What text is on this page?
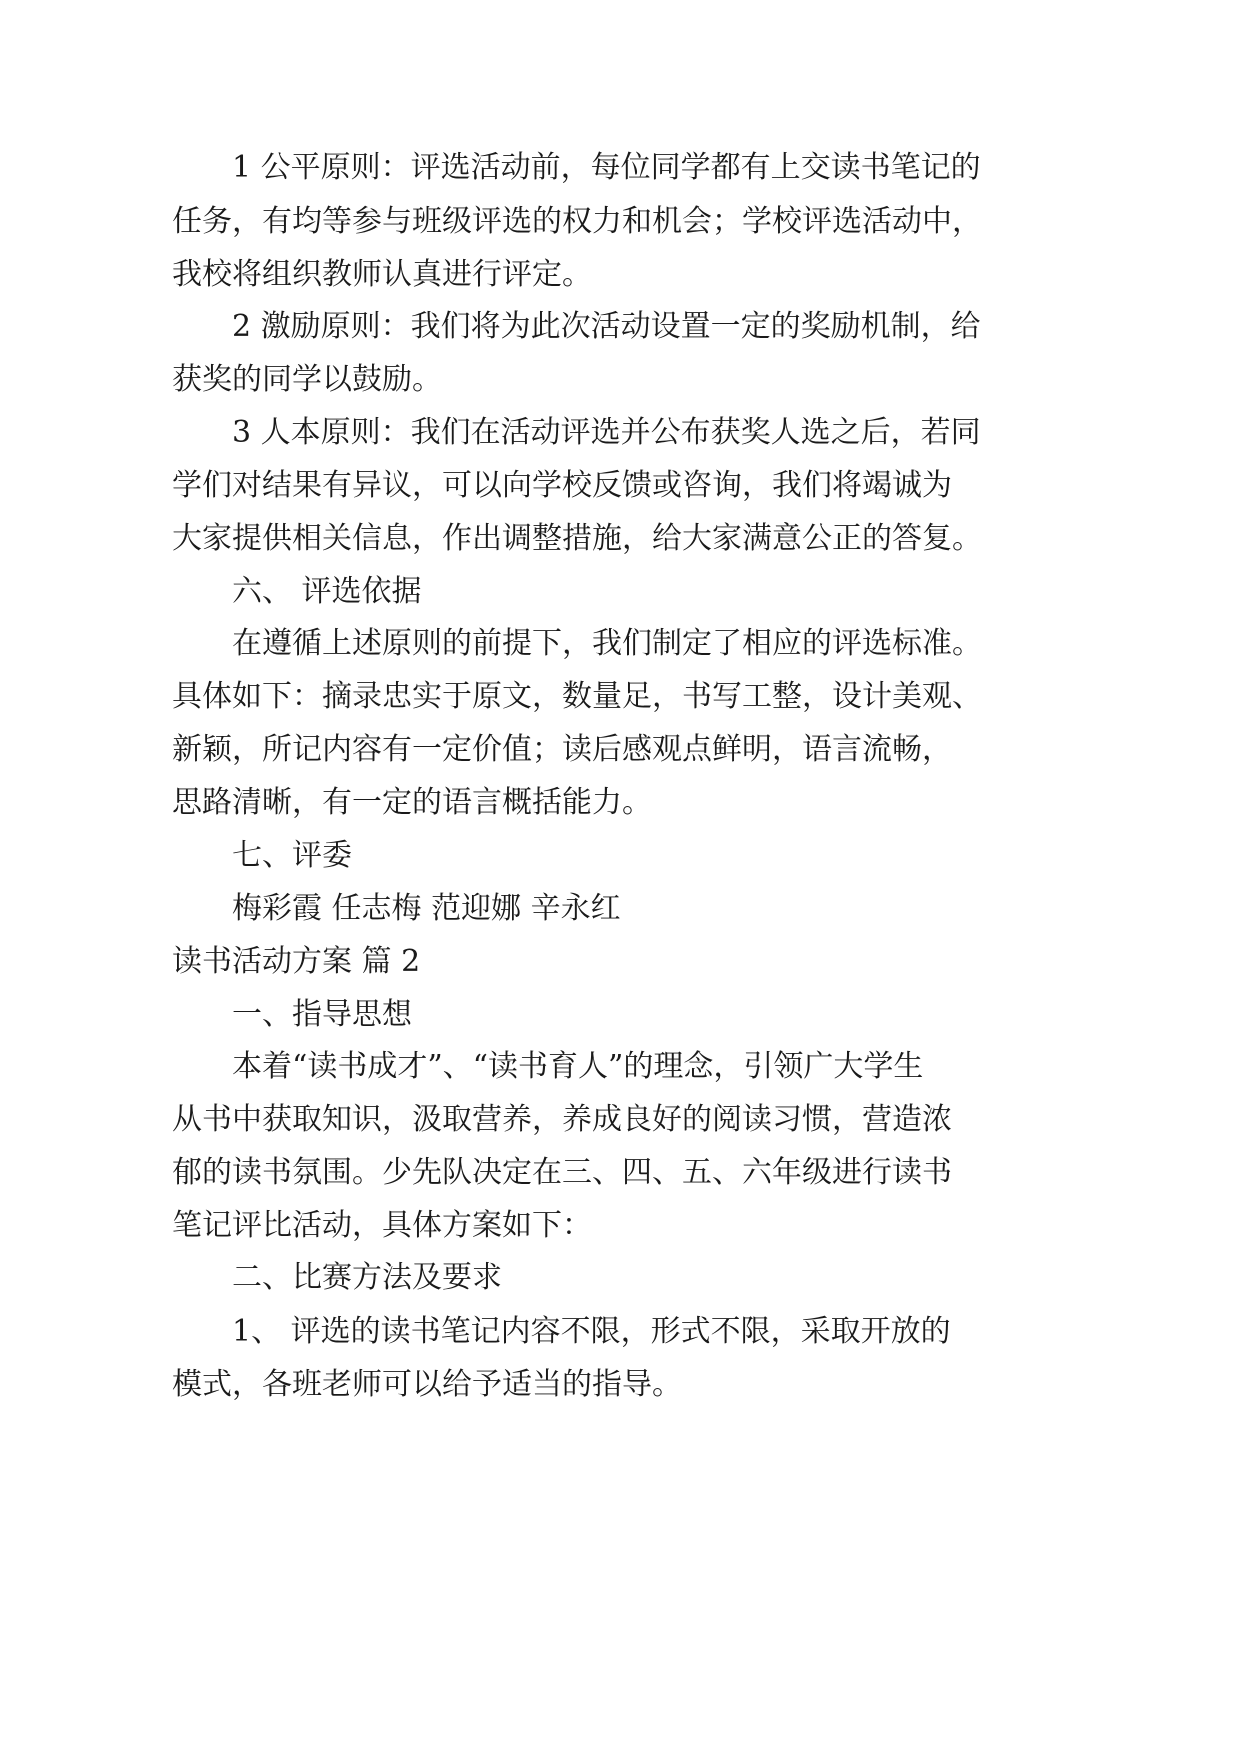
1 公平原则：评选活动前，每位同学都有上交读书笔记的
任务，有均等参与班级评选的权力和机会；学校评选活动中，
我校将组织教师认真进行评定。
2 激励原则：我们将为此次活动设置一定的奖励机制，给
获奖的同学以鼓励。
3 人本原则：我们在活动评选并公布获奖人选之后，若同
学们对结果有异议，可以向学校反馈或咨询，我们将竭诚为
大家提供相关信息，作出调整措施，给大家满意公正的答复。
六、 评选依据
在遵循上述原则的前提下，我们制定了相应的评选标准。
具体如下：摘录忠实于原文，数量足，书写工整，设计美观、
新颖，所记内容有一定价值；读后感观点鲜明，语言流畅，
思路清晰，有一定的语言概括能力。
七、评委
梅彩霞 任志梅 范迎娜 辛永红
读书活动方案 篇 2
一、指导思想
本着“读书成才”、“读书育人”的理念，引领广大学生
从书中获取知识，汲取营养，养成良好的阅读习惯，营造浓
郁的读书氛围。少先队决定在三、四、五、六年级进行读书
笔记评比活动，具体方案如下：
二、比赛方法及要求
1、 评选的读书笔记内容不限，形式不限，采取开放的
模式，各班老师可以给予适当的指导。
